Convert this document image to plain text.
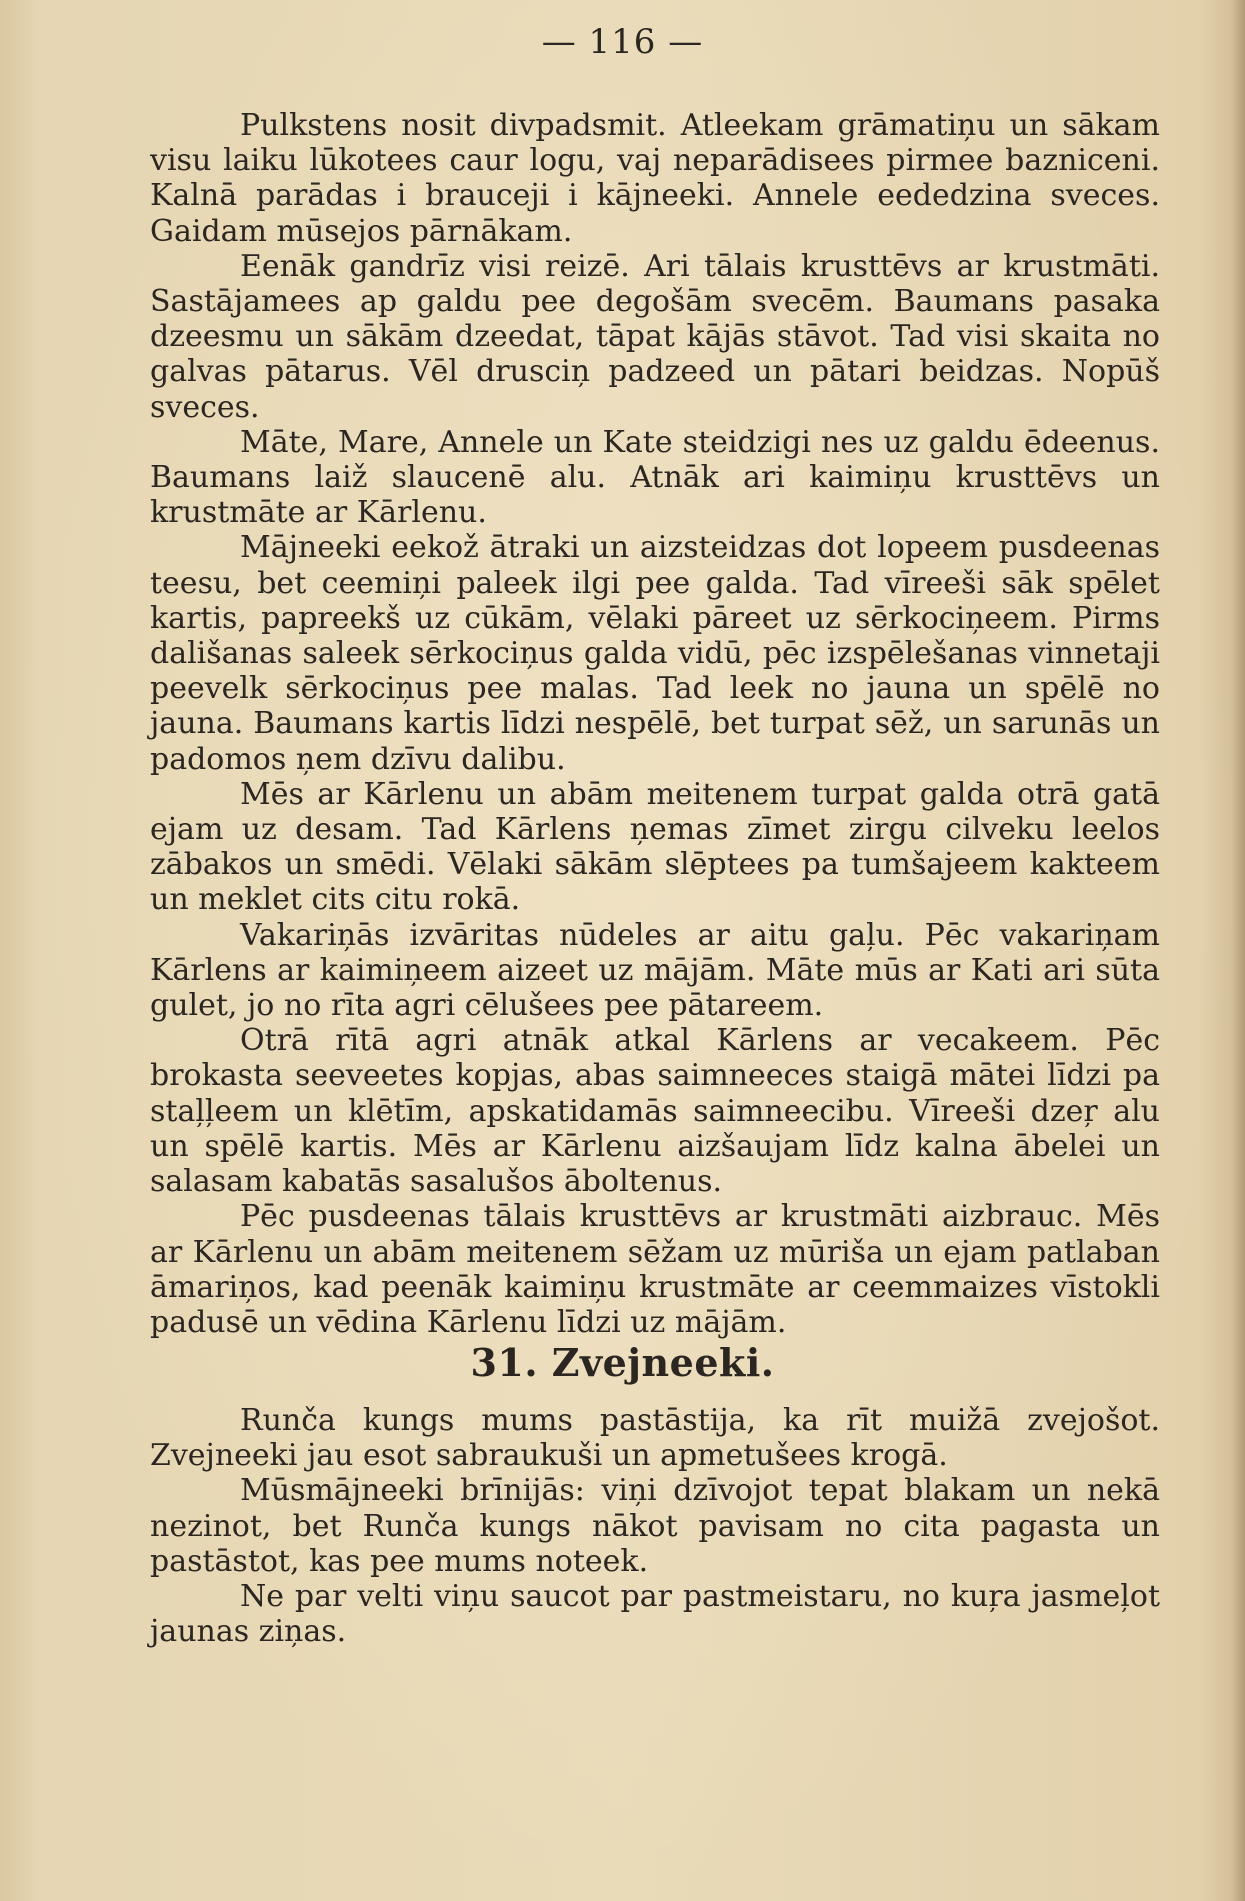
— 116 —

Pulkstens nosit divpadsmit. Atleekam grāmatiņu un sākam visu laiku lūkotees caur logu, vaj neparādisees pirmee bazniceni. Kalnā parādas i brauceji i kājneeki. Annele eededzina sveces. Gaidam mūsejos pārnākam.

Eenāk gandrīz visi reizē. Ari tālais krusttēvs ar krustmāti. Sastājamees ap galdu pee degošām svecēm. Baumans pasaka dzeesmu un sākām dzeedat, tāpat kājās stāvot. Tad visi skaita no galvas pātarus. Vēl drusciņ padzeed un pātari beidzas. Nopūš sveces.

Māte, Mare, Annele un Kate steidzigi nes uz galdu ēdeenus. Baumans laiž slaucenē alu. Atnāk ari kaimiņu krusttēvs un krustmāte ar Kārlenu.

Mājneeki eekož ātraki un aizsteidzas dot lopeem pusdeenas teesu, bet ceemiņi paleek ilgi pee galda. Tad vīreeši sāk spēlet kartis, papreekš uz cūkām, vēlaki pāreet uz sērkociņeem. Pirms dališanas saleek sērkociņus galda vidū, pēc izspēlešanas vinnetaji peevelk sērkociņus pee malas. Tad leek no jauna un spēlē no jauna. Baumans kartis līdzi nespēlē, bet turpat sēž, un sarunās un padomos ņem dzīvu dalibu.

Mēs ar Kārlenu un abām meitenem turpat galda otrā gatā ejam uz desam. Tad Kārlens ņemas zīmet zirgu cilveku leelos zābakos un smēdi. Vēlaki sākām slēptees pa tumšajeem kakteem un meklet cits citu rokā.

Vakariņās izvāritas nūdeles ar aitu gaļu. Pēc vakariņam Kārlens ar kaimiņeem aizeet uz mājām. Māte mūs ar Kati ari sūta gulet, jo no rīta agri cēlušees pee pātareem.

Otrā rītā agri atnāk atkal Kārlens ar vecakeem. Pēc brokasta seeveetes kopjas, abas saimneeces staigā mātei līdzi pa staļļeem un klētīm, apskatidamās saimneecibu. Vīreeši dzeŗ alu un spēlē kartis. Mēs ar Kārlenu aizšaujam līdz kalna ābelei un salasam kabatās sasalušos āboltenus.

Pēc pusdeenas tālais krusttēvs ar krustmāti aizbrauc. Mēs ar Kārlenu un abām meitenem sēžam uz mūriša un ejam patlaban āmariņos, kad peenāk kaimiņu krustmāte ar ceemmaizes vīstokli padusē un vēdina Kārlenu līdzi uz mājām.

31. Zvejneeki.

Runča kungs mums pastāstija, ka rīt muižā zvejošot. Zvejneeki jau esot sabraukuši un apmetušees krogā.

Mūsmājneeki brīnijās: viņi dzīvojot tepat blakam un nekā nezinot, bet Runča kungs nākot pavisam no cita pagasta un pastāstot, kas pee mums noteek.

Ne par velti viņu saucot par pastmeistaru, no kuŗa jasmeļot jaunas ziņas.
